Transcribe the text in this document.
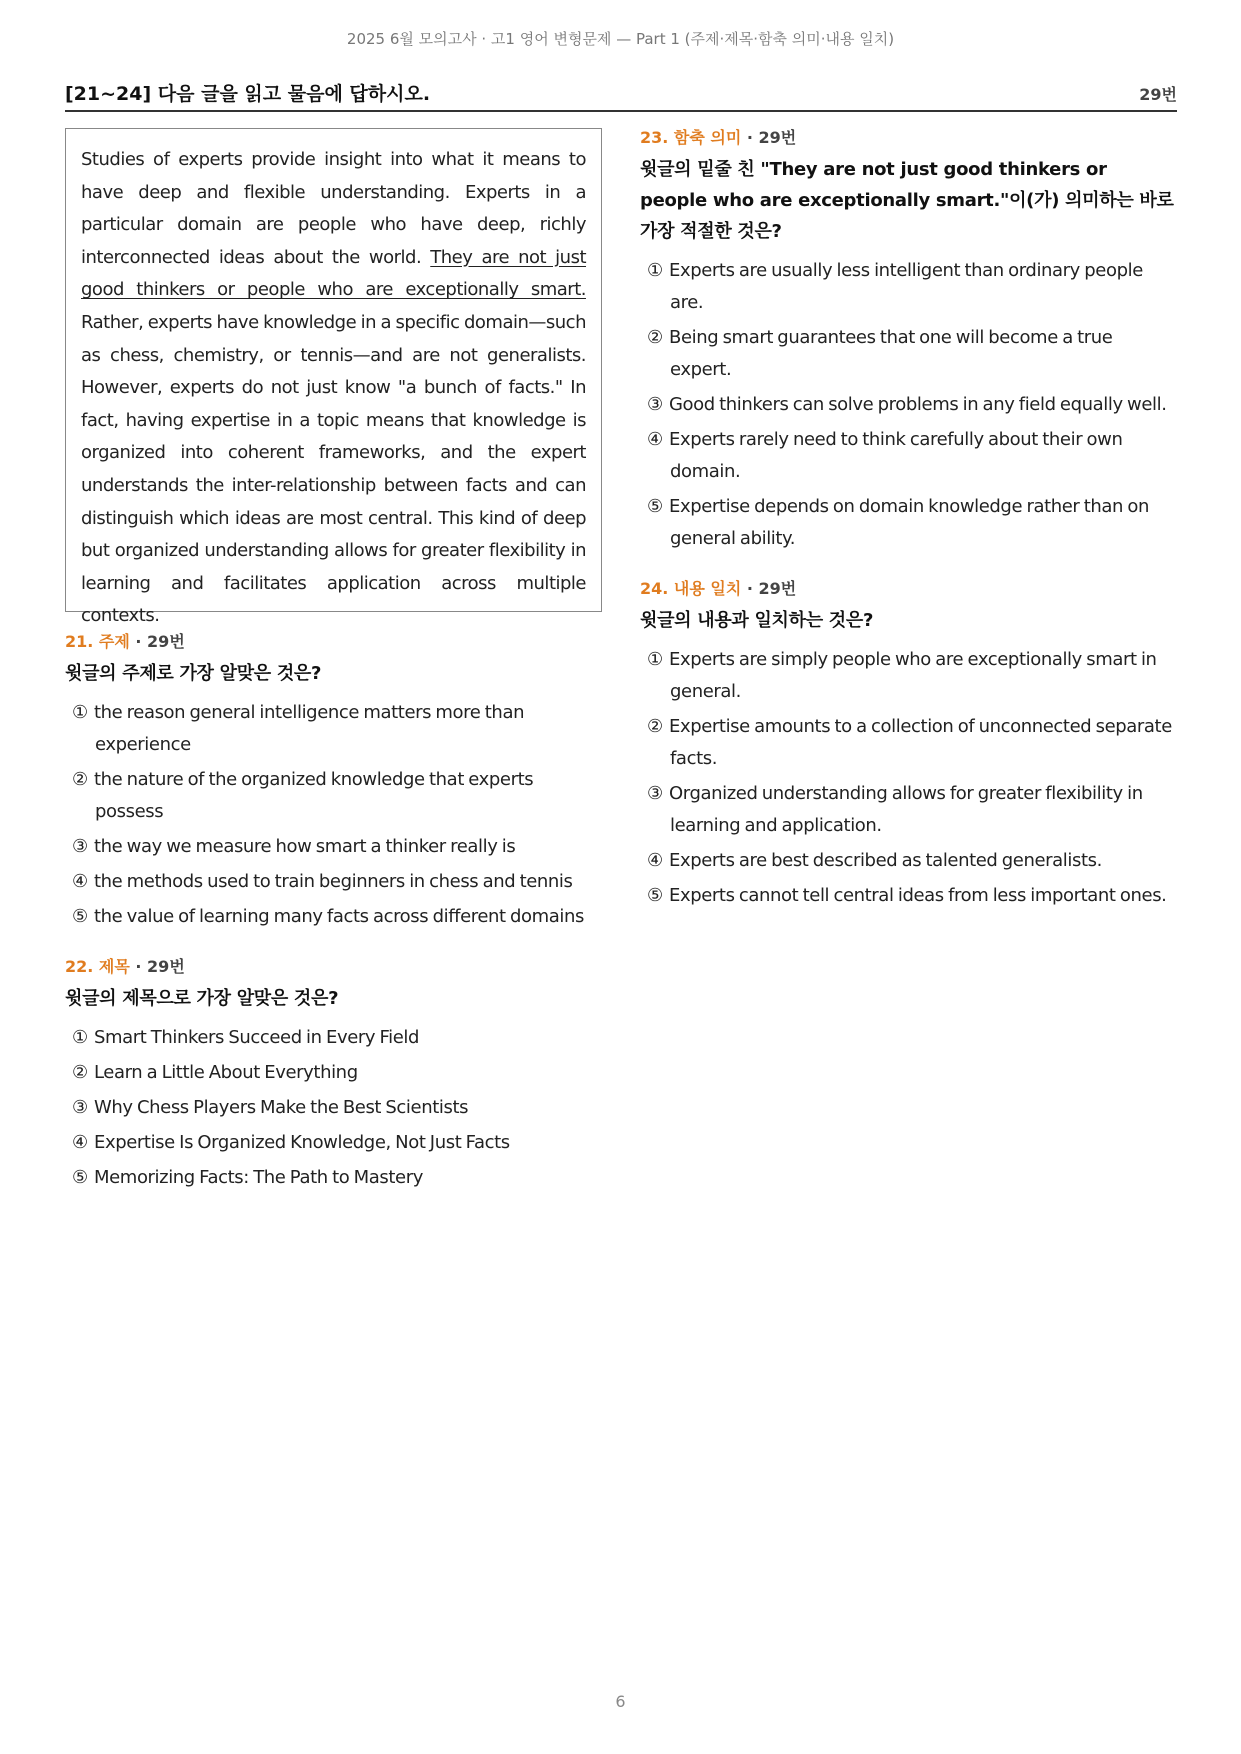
2025 6월 모의고사 · 고1 영어 변형문제 — Part 1 (주제·제목·함축 의미·내용 일치)
[21~24] 다음 글을 읽고 물음에 답하시오.	29번

Studies of experts provide insight into what it means to have deep and flexible understanding. Experts in a particular domain are people who have deep, richly interconnected ideas about the world. They are not just good thinkers or people who are exceptionally smart. Rather, experts have knowledge in a specific domain—such as chess, chemistry, or tennis—and are not generalists. However, experts do not just know "a bunch of facts." In fact, having expertise in a topic means that knowledge is organized into coherent frameworks, and the expert understands the inter-relationship between facts and can distinguish which ideas are most central. This kind of deep but organized understanding allows for greater flexibility in learning and facilitates application across multiple contexts.

21. 주제 · 29번
윗글의 주제로 가장 알맞은 것은?
① the reason general intelligence matters more than experience
② the nature of the organized knowledge that experts possess
③ the way we measure how smart a thinker really is
④ the methods used to train beginners in chess and tennis
⑤ the value of learning many facts across different domains
22. 제목 · 29번
윗글의 제목으로 가장 알맞은 것은?
① Smart Thinkers Succeed in Every Field
② Learn a Little About Everything
③ Why Chess Players Make the Best Scientists
④ Expertise Is Organized Knowledge, Not Just Facts
⑤ Memorizing Facts: The Path to Mastery
23. 함축 의미 · 29번
윗글의 밑줄 친 "They are not just good thinkers or people who are exceptionally smart."이(가) 의미하는 바로 가장 적절한 것은?
① Experts are usually less intelligent than ordinary people are.
② Being smart guarantees that one will become a true expert.
③ Good thinkers can solve problems in any field equally well.
④ Experts rarely need to think carefully about their own domain.
⑤ Expertise depends on domain knowledge rather than on general ability.
24. 내용 일치 · 29번
윗글의 내용과 일치하는 것은?
① Experts are simply people who are exceptionally smart in general.
② Expertise amounts to a collection of unconnected separate facts.
③ Organized understanding allows for greater flexibility in learning and application.
④ Experts are best described as talented generalists.
⑤ Experts cannot tell central ideas from less important ones.
6
